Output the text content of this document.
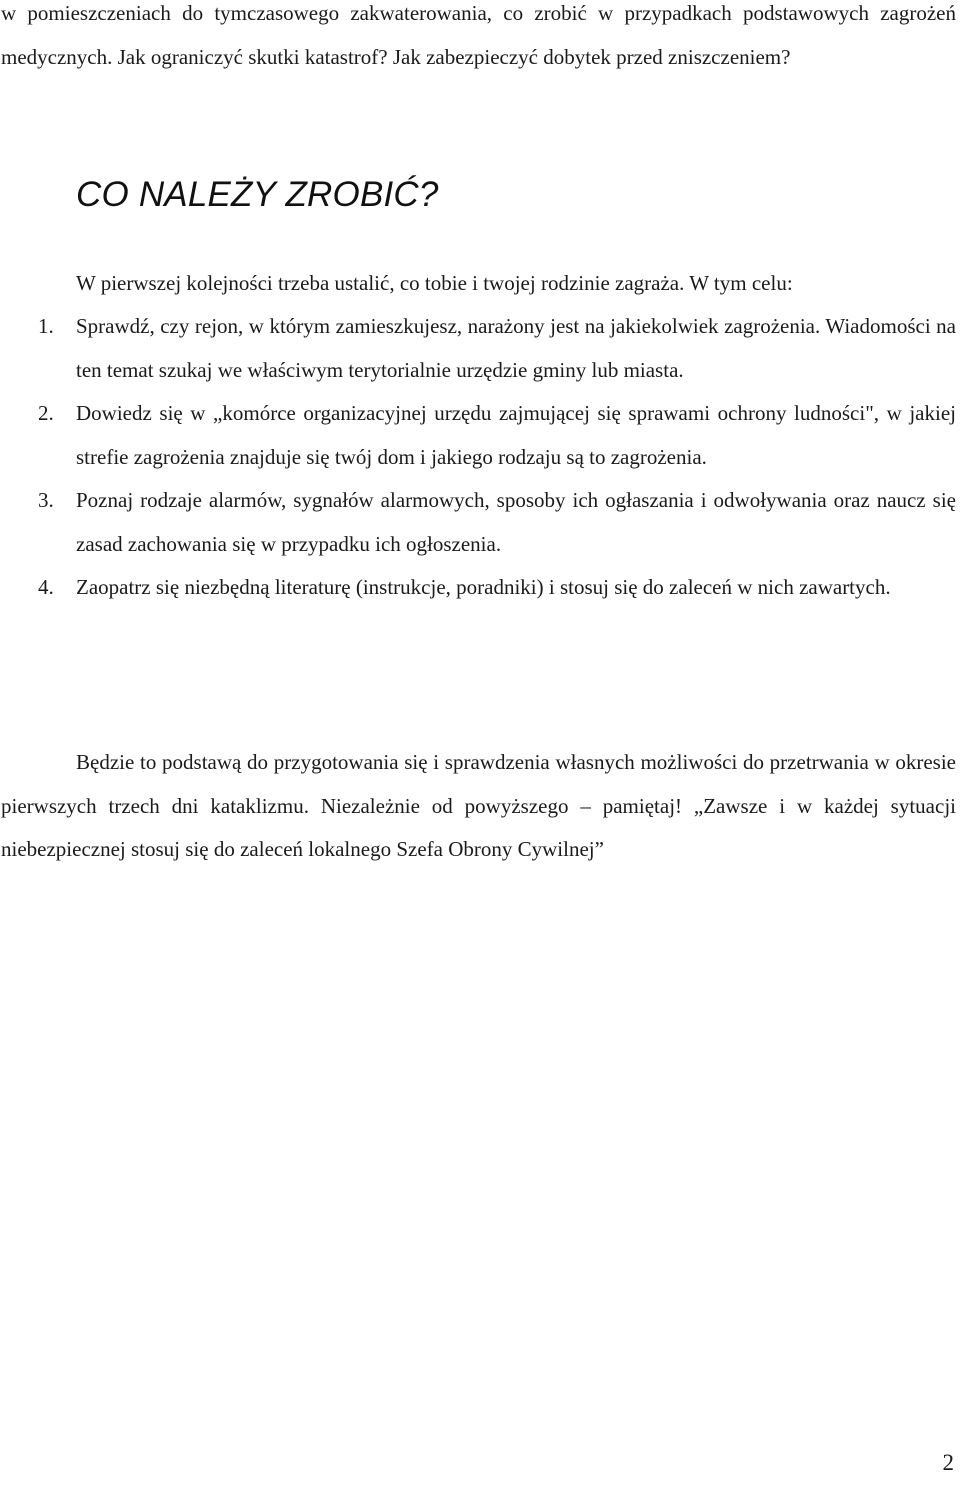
w pomieszczeniach do tymczasowego zakwaterowania, co zrobić w przypadkach podstawowych zagrożeń medycznych. Jak ograniczyć skutki katastrof? Jak zabezpieczyć dobytek przed zniszczeniem?

CO NALEŻY ZROBIĆ?

W pierwszej kolejności trzeba ustalić, co tobie i twojej rodzinie zagraża. W tym celu:

1.	Sprawdź, czy rejon, w którym zamieszkujesz, narażony jest na jakiekolwiek zagrożenia. Wiadomości na ten temat szukaj we właściwym terytorialnie urzędzie gminy lub miasta.
2.	Dowiedz się w „komórce organizacyjnej urzędu zajmującej się sprawami ochrony ludności", w jakiej strefie zagrożenia znajduje się twój dom i jakiego rodzaju są to zagrożenia.
3.	Poznaj rodzaje alarmów, sygnałów alarmowych, sposoby ich ogłaszania i odwoływania oraz naucz się zasad zachowania się w przypadku ich ogłoszenia.
4.	Zaopatrz się niezbędną literaturę (instrukcje, poradniki) i stosuj się do zaleceń w nich zawartych.

Będzie to podstawą do przygotowania się i sprawdzenia własnych możliwości do przetrwania w okresie pierwszych trzech dni kataklizmu. Niezależnie od powyższego – pamiętaj! „Zawsze i w każdej sytuacji niebezpiecznej stosuj się do zaleceń lokalnego Szefa Obrony Cywilnej”

2
